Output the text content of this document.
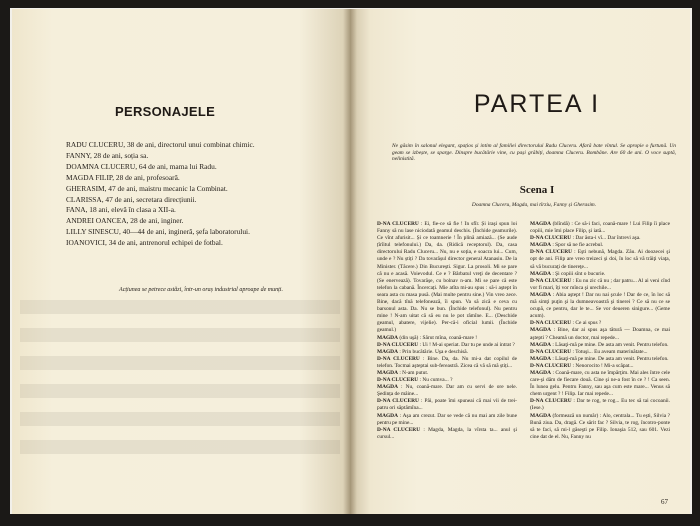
PERSONAJELE
RADU CLUCERU, 38 de ani, directorul unui combinat chimic.
FANNY, 28 de ani, soția sa.
DOAMNA CLUCERU, 64 de ani, mama lui Radu.
MAGDA FILIP, 28 de ani, profesoară.
GHERASIM, 47 de ani, maistru mecanic la Combinat.
CLARISSA, 47 de ani, secretara direcțiunii.
FANA, 18 ani, elevă în clasa a XII-a.
ANDREI OANCEA, 28 de ani, inginer.
LILLY SINESCU, 40—44 de ani, ingineră, șefa laboratorului.
IOANOVICI, 34 de ani, antrenorul echipei de fotbal.
Acțiunea se petrece astăzi, într-un oraș industrial aproape de munți.
PARTEA I
Ne găsim în salonul elegant, spațios și intim al familiei directorului Radu Cluceru. Afară bate vîntul. Se apropie o furtună. Un geam se izbește, se sparge. Dinspre bucătărie vine, cu pași grăbiți, doamna Cluceru. Bombăne. Are 60 de ani. O voce suptă, nelinistită.
Scena I
Doamna Cluceru, Magda, mai tîrziu, Fanny și Gherasim.

D-NA CLUCERU : Ei, fie-ce să fie ! În sfîr. Și iraşi spun loi Fanny să nu lase niciodată geamul deschis. (Închide geamurile). Ce vînt afurisit... Și ce toamnerie ! În plină amiază... (Se aude țîrîitul telefonului.) Da, da. (Ridică receptorul). Da, casa directorului Radu Cluceru... Nu, nu e soția, e soacra lui... Cum, unde e ? Nu știți ? Da tovarășul director general Atanasiu. De la Minister. (Tăcere.) Din Bucureşti. Sigur. La prosoli. Mi se pare că nu e acasă. Voievodul. Ce e ? Bărbatul vreţi de decentare ? (Se enervează). Tovarăşe, cu bolnav n-am. Mi se pare că este telefon la cabană. Încercați. Mie atîta mi-au spus : să-i aştept în seara asta cu masa pusă. (Mai multe pentru sine.) Vin vreo zece. Bine, dacă tînă telefonează, îi spun. Va să zică e ceva cu barsonul asta. Da. Nu se bun. (Închide telefonul). Nu pentru mine ! N-am uitat că să eu nu le pot rămîne. E... (Deschide geamul, abatere, vijelie). Per-că-i oficial lumii. (Închide geamul.)

MAGDA (din uşă) : Sărut mîna, coană-mare !

D-NA CLUCERU : Ui ! M-ai speriat. Dar tu pe unde ai intrat ?

MAGDA : Prin bucătărie. Uşa e deschisă.

D-NA CLUCERU : Bine. Da, da. Nu mi-a dat copilul de telefon. Tocmai aşteptai sub-fereastră. Zicea că vă să mă știți...

MAGDA : N-am putut.

D-NA CLUCERU : Nu cumva... ?

MAGDA : Nu, coană-mare. Dar am cu servi de ore nele. Şedința de mâine...

D-NA CLUCERU : Păi, poate îmi spuneai că mai vii de trei-patru ori săptămîna...

MAGDA : Aşa am crezut. Dar se vede că nu mai am zile bune pentru pe mine...

D-NA CLUCERU : Magda, Magda, la vîrsta ta... anul şi cursul...

MAGDA (blîndă) : Ce să-i faci, coană-mare ! Lui Filip îi place copiii, mie îmi place Filip, şi iată...

D-NA CLUCERU : Dar ăsta-i vî... Dar întrevi aşa.

MAGDA : Spor să ne fie acrebul.

D-NA CLUCERU : Eşti nebună, Magda. Zău. Ai doozecei şi opt de ani. Filip are vreo treizeci şi doi, în loc să vă trăiţi viaţa, să vă bucuraţi de tinereţe...

MAGDA : Şi copiii sînt o bucurie.

D-NA CLUCERU : Eu nu zic că nu ; dar patru... Al ai veni cînd vor fi mari, îți vor mînca şi urechile...

MAGDA : Abia aştept ! Dar nu nai şcule ! Dar de ce, în loc să mă simţi puţin şi la dumneavoastră şi tinerei ? Ce să nu ce se ocupă, ce pentru, dar le te... Se vor deueren sinigure... (Geme acum).

D-NA CLUCERU : Ce ai spus ?

MAGDA : Bine, dar ai spus aşa tătură — Doamna, ce mai aştepti ? Cheamă un doctor, mai repede...

MAGDA : Lăsaţi-mă pe mine. De asta am venit. Pentru telefon.

D-NA CLUCERU : Totuşi... Eu aveam materinătate...

MAGDA : Lăsaţi-mă pe mine. De asta am venit. Pentru telefon.

D-NA CLUCERU : Nenorocito ! Mi-a scăpat...

MAGDA : Coană-mare, cu asta ne împărţim. Mai ales între cele care-şi dăm de fiecare două. Cine şi ne-a fost în ce ? ! Ca seen. În lunea gelu. Pentru Fanny, sau aşa cum este mare... Venus să chem urgent ? ! Filip. Iar mai repede...

D-NA CLUCERU : Dar te rog, te rog... Eu tec să tai cocoanii. (Iese.)

MAGDA (formează un număr) : Alo, centrala... Tu eşti, Silvia ? Bună ziua. Da, dragă. Ce sărit fac ? Silvia, te rog, încotro-ponte să te faci, să mi-l găseşti pe Filip. Ionaşia 512, sau 601. Vezi cine dat de el. Nu, Fanny nu

67
